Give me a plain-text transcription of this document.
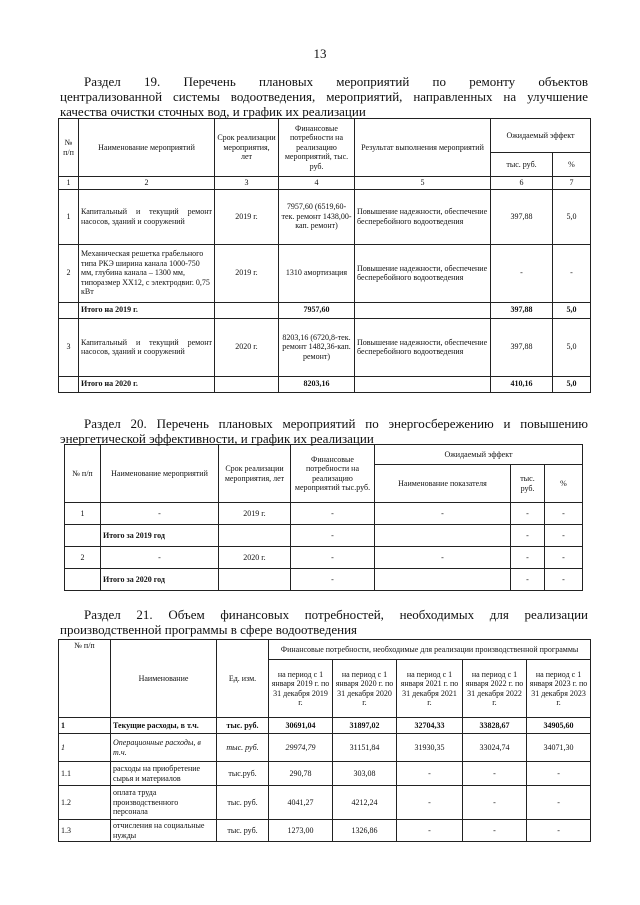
13
Раздел 19. Перечень плановых мероприятий по ремонту объектов
централизованной системы водоотведения, мероприятий, направленных на улучшение
качества очистки сточных вод, и график их реализации
№ п/п	Наименование мероприятий	Срок реализации мероприятия, лет	Финансовые потребности на реализацию мероприятий, тыс. руб.	Результат выполнения мероприятий	Ожидаемый эффект	
					тыс. руб.	%
1	2	3	4	5	6	7
1	Капитальный и текущий ремонт насосов, зданий и сооружений	2019 г.	7957,60 (6519,60-тек. ремонт 1438,00-кап. ремонт)	Повышение надежности, обеспечение бесперебойного водоотведения	397,88	5,0
2	Механическая решетка грабельного типа РКЭ ширина канала 1000-750 мм, глубина канала – 1300 мм, типоразмер ХХ12, с электродвиг. 0,75 кВт	2019 г.	1310 амортизация	Повышение надежности, обеспечение бесперебойного водоотведения	-	-
	Итого на 2019 г.		7957,60		397,88	5,0
3	Капитальный и текущий ремонт насосов, зданий и сооружений	2020 г.	8203,16 (6720,8-тек. ремонт 1482,36-кап. ремонт)	Повышение надежности, обеспечение бесперебойного водоотведения	397,88	5,0
	Итого на 2020 г.		8203,16		410,16	5,0
Раздел 20. Перечень плановых мероприятий по энергосбережению и повышению
энергетической эффективности, и график их реализации
№ п/п	Наименование мероприятий	Срок реализации мероприятия, лет	Финансовые потребности на реализацию мероприятий тыс.руб.	Ожидаемый эффект		
				Наименование показателя	тыс. руб.	%
1	-	2019 г.	-	-	-	-
	Итого за 2019 год		-		-	-
2	-	2020 г.	-	-	-	-
	Итого за 2020 год		-		-	-
Раздел 21. Объем финансовых потребностей, необходимых для реализации
производственной программы в сфере водоотведения
№ п/п	Наименование	Ед. изм.	Финансовые потребности, необходимые для реализации производственной программы				
			на период с 1 января 2019 г. по 31 декабря 2019 г.	на период с 1 января 2020 г. по 31 декабря 2020 г.	на период с 1 января 2021 г. по 31 декабря 2021 г.	на период с 1 января 2022 г. по 31 декабря 2022 г.	на период с 1 января 2023 г. по 31 декабря 2023 г.
1	Текущие расходы, в т.ч.	тыс. руб.	30691,04	31897,02	32704,33	33828,67	34905,60
1	Операционные расходы, в т.ч.	тыс. руб.	29974,79	31151,84	31930,35	33024,74	34071,30
1.1	расходы на приобретение сырья и материалов	тыс.руб.	290,78	303,08	-	-	-
1.2	оплата труда производственного персонала	тыс. руб.	4041,27	4212,24	-	-	-
1.3	отчисления на социальные нужды	тыс. руб.	1273,00	1326,86	-	-	-
